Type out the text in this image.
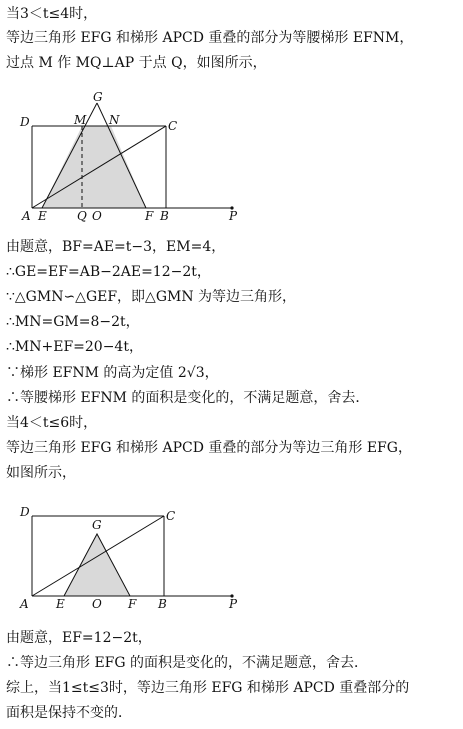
当3＜t≤4时，
等边三角形 EFG 和梯形 APCD 重叠的部分为等腰梯形 EFNM，
过点 M 作 MQ⊥AP 于点 Q，如图所示，
G
D	M N	C
A E	Q O	F B	P
由题意，BF=AE=t−3，EM=4，
∴GE=EF=AB−2AE=12−2t，
∵△GMN∽△GEF，即△GMN 为等边三角形，
∴MN=GM=8−2t，
∴MN+EF=20−4t，
∵梯形 EFNM 的高为定值 2√3，
∴等腰梯形 EFNM 的面积是变化的，不满足题意，舍去．
当4＜t≤6时，
等边三角形 EFG 和梯形 APCD 重叠的部分为等边三角形 EFG，
如图所示，
D
G
C
A E O F B	P
由题意，EF=12−2t，
∴等边三角形 EFG 的面积是变化的，不满足题意，舍去．
综上，当1≤t≤3时，等边三角形 EFG 和梯形 APCD 重叠部分的
面积是保持不变的．
